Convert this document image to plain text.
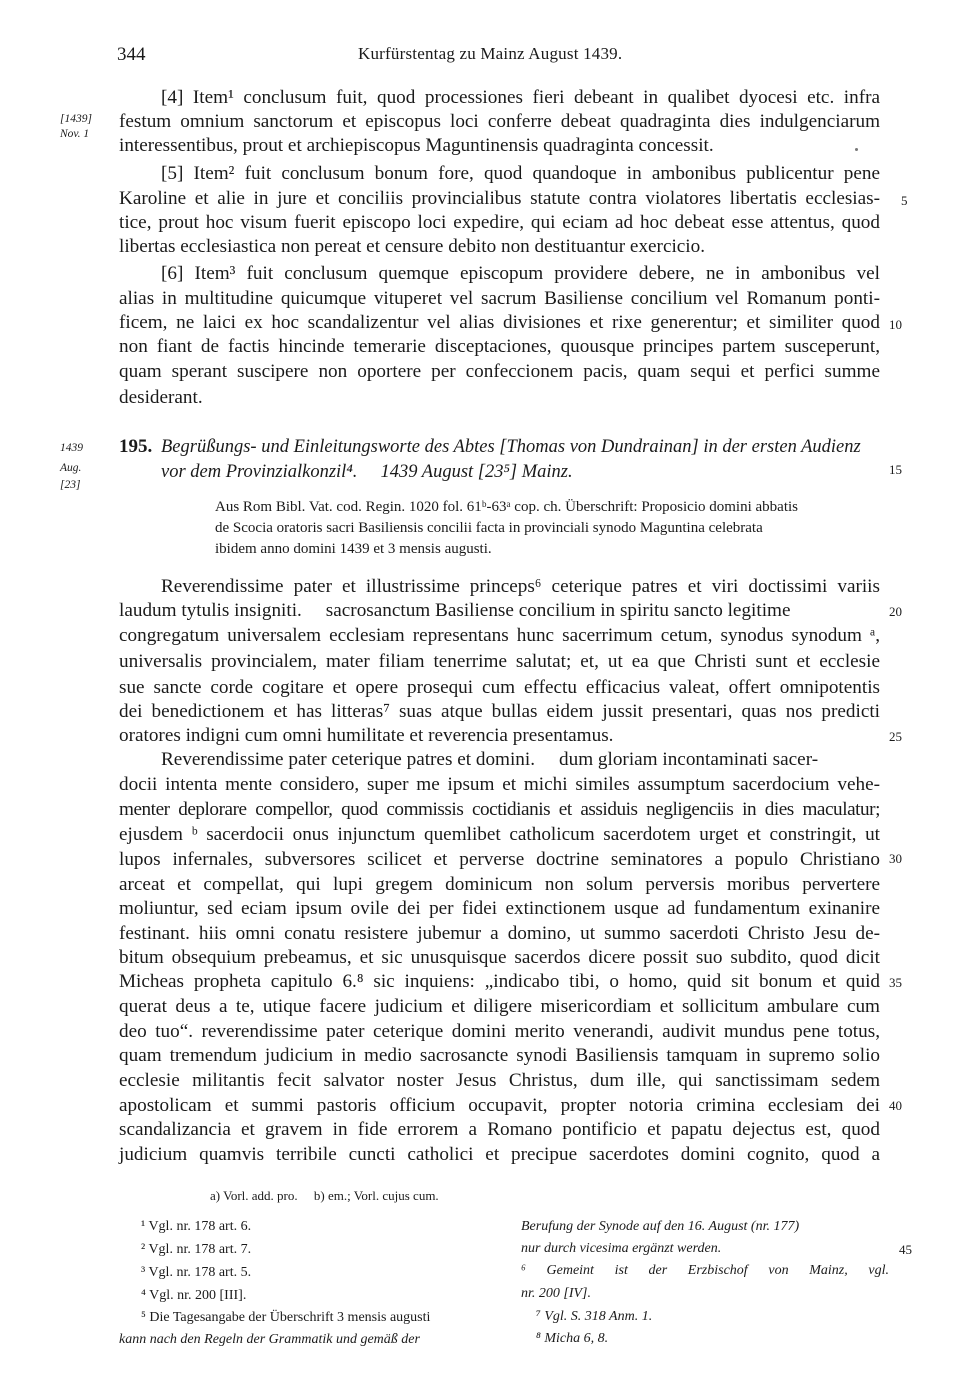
344	Kurfürstentag zu Mainz August 1439.
[1439]
Nov. 1
1439
Aug.
[23]
[4] Item¹ conclusum fuit, quod processiones fieri debeant in qualibet dyocesi etc. infra
festum omnium sanctorum et episcopus loci conferre debeat quadraginta dies indulgenciarum
interessentibus, prout et archiepiscopus Maguntinensis quadraginta concessit.
[5] Item² fuit conclusum bonum fore, quod quandoque in ambonibus publicentur pene
Karoline et alie in jure et conciliis provincialibus statute contra violatores libertatis ecclesias-
tice, prout hoc visum fuerit episcopo loci expedire, qui eciam ad hoc debeat esse attentus, quod
libertas ecclesiastica non pereat et censure debito non destituantur exercicio.
[6] Item³ fuit conclusum quemque episcopum providere debere, ne in ambonibus vel
alias in multitudine quicumque vituperet vel sacrum Basiliense concilium vel Romanum ponti-
ficem, ne laici ex hoc scandalizentur vel alias divisiones et rixe generentur; et similiter quod
non fiant de factis hincinde temerarie disceptaciones, quousque principes partem susceperunt,
quam sperant suscipere non oportere per confeccionem pacis, quam sequi et perfici summe
desiderant.
5
10
15
20
25
30
35
40
45
195. Begrüßungs- und Einleitungsworte des Abtes [Thomas von Dundrainan] in der ersten Audienz
vor dem Provinzialkonzil⁴.     1439 August [23⁵] Mainz.
Aus Rom Bibl. Vat. cod. Regin. 1020 fol. 61ᵇ-63ᵃ cop. ch. Überschrift: Proposicio domini abbatis
de Scocia oratoris sacri Basiliensis concilii facta in provinciali synodo Maguntina celebrata
ibidem anno domini 1439 et 3 mensis augusti.
Reverendissime pater et illustrissime princeps⁶ ceterique patres et viri doctissimi variis
laudum tytulis insigniti.     sacrosanctum Basiliense concilium in spiritu sancto legitime
congregatum universalem ecclesiam representans hunc sacerrimum cetum, synodus synodum ᵃ,
universalis provincialem, mater filiam tenerrime salutat; et, ut ea que Christi sunt et ecclesie
sue sancte corde cogitare et opere prosequi cum effectu efficacius valeat, offert omnipotentis
dei benedictionem et has litteras⁷ suas atque bullas eidem jussit presentari, quas nos predicti
oratores indigni cum omni humilitate et reverencia presentamus.
Reverendissime pater ceterique patres et domini.     dum gloriam incontaminati sacer-
docii intenta mente considero, super me ipsum et michi similes assumptum sacerdocium vehe-
menter deplorare compellor, quod commissis coctidianis et assiduis negligenciis in dies maculatur;
ejusdem ᵇ sacerdocii onus injunctum quemlibet catholicum sacerdotem urget et constringit, ut
lupos infernales, subversores scilicet et perverse doctrine seminatores a populo Christiano
arceat et compellat, qui lupi gregem dominicum non solum perversis moribus pervertere
moliuntur, sed eciam ipsum ovile dei per fidei extinctionem usque ad fundamentum exinanire
festinant. hiis omni conatu resistere jubemur a domino, ut summo sacerdoti Christo Jesu de-
bitum obsequium prebeamus, et sic unusquisque sacerdos dicere possit suo subdito, quod dicit
Micheas propheta capitulo 6.⁸ sic inquiens: „indicabo tibi, o homo, quid sit bonum et quid
querat deus a te, utique facere judicium et diligere misericordiam et sollicitum ambulare cum
deo tuo“. reverendissime pater ceterique domini merito venerandi, audivit mundus pene totus,
quam tremendum judicium in medio sacrosancte synodi Basiliensis tamquam in supremo solio
ecclesie militantis fecit salvator noster Jesus Christus, dum ille, qui sanctissimam sedem
apostolicam et summi pastoris officium occupavit, propter notoria crimina ecclesiam dei
scandalizancia et gravem in fide errorem a Romano pontificio et papatu dejectus est, quod
judicium quamvis terribile cuncti catholici et precipue sacerdotes domini cognito, quod a
a) Vorl. add. pro.     b) em.; Vorl. cujus cum.
¹ Vgl. nr. 178 art. 6.
² Vgl. nr. 178 art. 7.
³ Vgl. nr. 178 art. 5.
⁴ Vgl. nr. 200 [III].
⁵ Die Tagesangabe der Überschrift 3 mensis augusti
kann nach den Regeln der Grammatik und gemäß der
Berufung der Synode auf den 16. August (nr. 177)
nur durch vicesima ergänzt werden.
⁶ Gemeint ist der Erzbischof von Mainz, vgl.
nr. 200 [IV].
⁷ Vgl. S. 318 Anm. 1.
⁸ Micha 6, 8.
